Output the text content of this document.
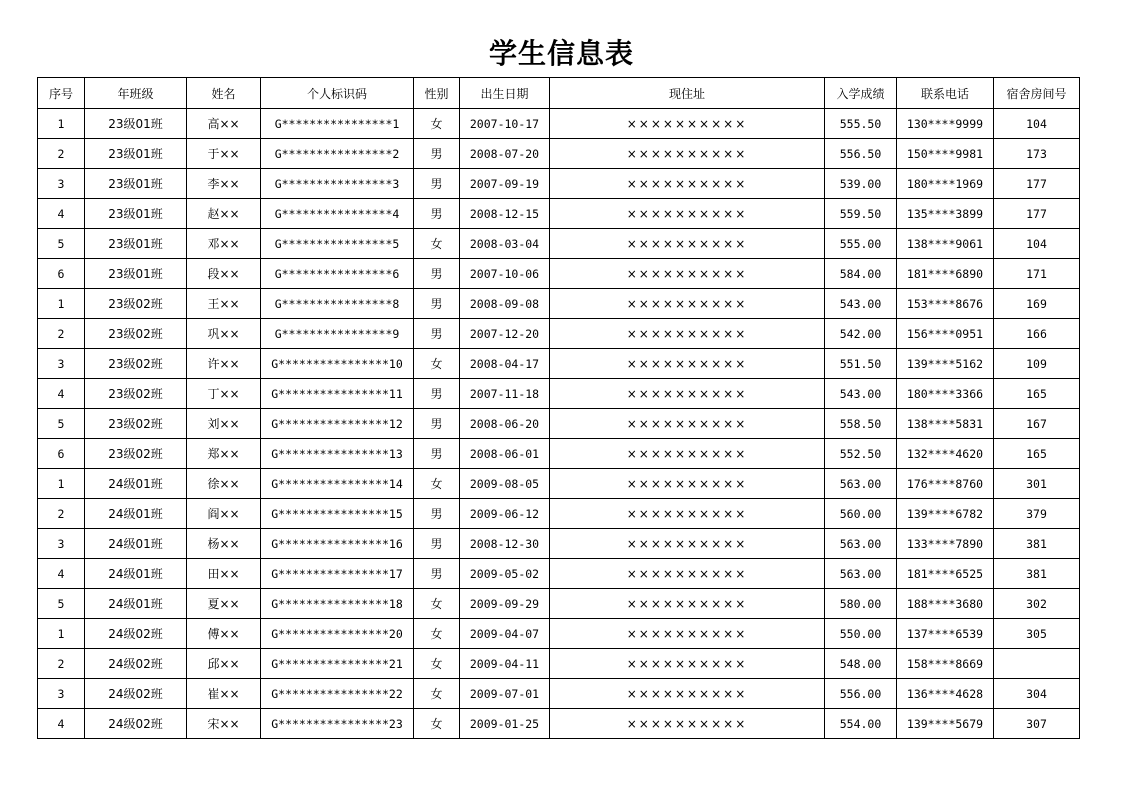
学生信息表
序号	年班级	姓名	个人标识码	性别	出生日期	现住址	入学成绩	联系电话	宿舍房间号
1	23级01班	高××	G****************1	女	2007-10-17	××××××××××	555.50	130****9999	104
2	23级01班	于××	G****************2	男	2008-07-20	××××××××××	556.50	150****9981	173
3	23级01班	李××	G****************3	男	2007-09-19	××××××××××	539.00	180****1969	177
4	23级01班	赵××	G****************4	男	2008-12-15	××××××××××	559.50	135****3899	177
5	23级01班	邓××	G****************5	女	2008-03-04	××××××××××	555.00	138****9061	104
6	23级01班	段××	G****************6	男	2007-10-06	××××××××××	584.00	181****6890	171
1	23级02班	王××	G****************8	男	2008-09-08	××××××××××	543.00	153****8676	169
2	23级02班	巩××	G****************9	男	2007-12-20	××××××××××	542.00	156****0951	166
3	23级02班	许××	G****************10	女	2008-04-17	××××××××××	551.50	139****5162	109
4	23级02班	丁××	G****************11	男	2007-11-18	××××××××××	543.00	180****3366	165
5	23级02班	刘××	G****************12	男	2008-06-20	××××××××××	558.50	138****5831	167
6	23级02班	郑××	G****************13	男	2008-06-01	××××××××××	552.50	132****4620	165
1	24级01班	徐××	G****************14	女	2009-08-05	××××××××××	563.00	176****8760	301
2	24级01班	阎××	G****************15	男	2009-06-12	××××××××××	560.00	139****6782	379
3	24级01班	杨××	G****************16	男	2008-12-30	××××××××××	563.00	133****7890	381
4	24级01班	田××	G****************17	男	2009-05-02	××××××××××	563.00	181****6525	381
5	24级01班	夏××	G****************18	女	2009-09-29	××××××××××	580.00	188****3680	302
1	24级02班	傅××	G****************20	女	2009-04-07	××××××××××	550.00	137****6539	305
2	24级02班	邱××	G****************21	女	2009-04-11	××××××××××	548.00	158****8669	
3	24级02班	崔××	G****************22	女	2009-07-01	××××××××××	556.00	136****4628	304
4	24级02班	宋××	G****************23	女	2009-01-25	××××××××××	554.00	139****5679	307
